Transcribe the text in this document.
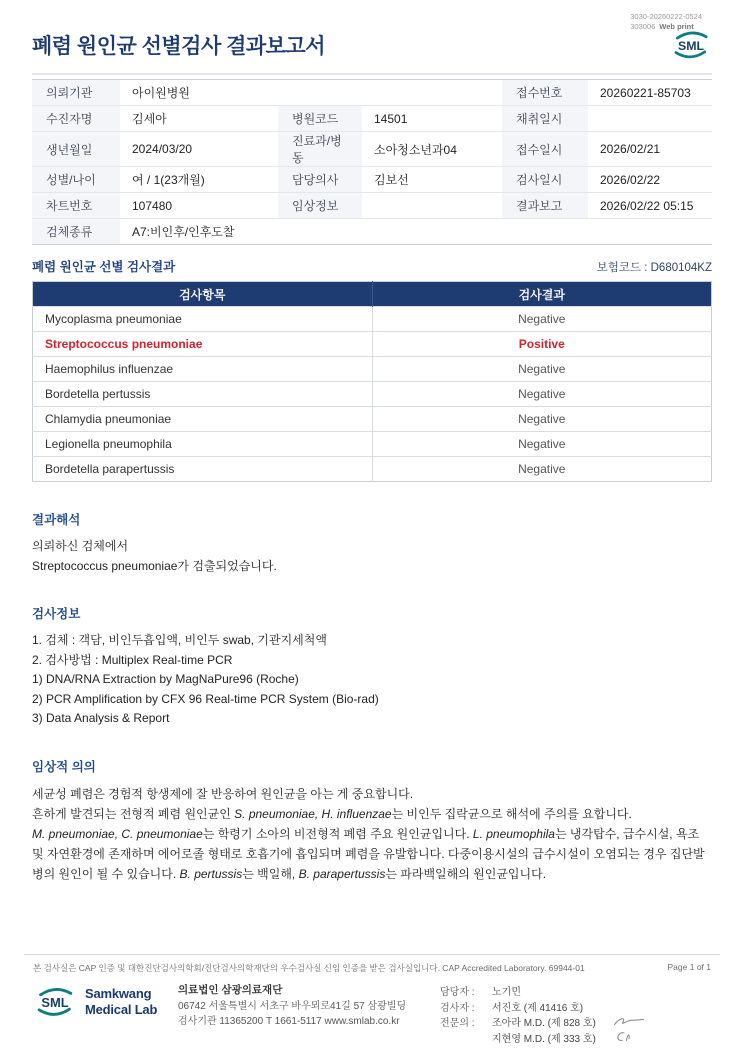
3030-20260222-0524
303006 Web print
SML
폐렴 원인균 선별검사 결과보고서
의뢰기관	아이원병원			접수번호	20260221-85703
수진자명	김세아	병원코드	14501	채취일시	
생년월일	2024/03/20	진료과/병동	소아청소년과04	접수일시	2026/02/21
성별/나이	여 / 1(23개월)	담당의사	김보선	검사일시	2026/02/22
차트번호	107480	임상정보		결과보고	2026/02/22 05:15
검체종류	A7:비인후/인후도찰				
폐렴 원인균 선별 검사결과	보험코드 : D680104KZ
검사항목	검사결과
Mycoplasma pneumoniae	Negative
Streptococcus pneumoniae	Positive
Haemophilus influenzae	Negative
Bordetella pertussis	Negative
Chlamydia pneumoniae	Negative
Legionella pneumophila	Negative
Bordetella parapertussis	Negative
결과해석

의뢰하신 검체에서

Streptococcus pneumoniae가 검출되었습니다.

검사정보

1. 검체 : 객담, 비인두흡입액, 비인두 swab, 기관지세척액

2. 검사방법 : Multiplex Real-time PCR

1) DNA/RNA Extraction by MagNaPure96 (Roche)

2) PCR Amplification by CFX 96 Real-time PCR System (Bio-rad)

3) Data Analysis & Report

임상적 의의

세균성 폐렴은 경험적 항생제에 잘 반응하여 원인균을 아는 게 중요합니다.

흔하게 발견되는 전형적 폐렴 원인균인 S. pneumoniae, H. influenzae는 비인두 집락균으로 해석에 주의를 요합니다.

M. pneumoniae, C. pneumoniae는 학령기 소아의 비전형적 폐렴 주요 원인균입니다. L. pneumophila는 냉각탑수, 급수시설, 욕조 및 자연환경에 존재하며 에어로졸 형태로 호흡기에 흡입되며 폐렴을 유발합니다. 다중이용시설의 급수시설이 오염되는 경우 집단발병의 원인이 될 수 있습니다. B. pertussis는 백일해, B. parapertussis는 파라백일해의 원인균입니다.

본 검사실은 CAP 인증 및 대한진단검사의학회/진단검사의학재단의 우수검사실 신임 인증을 받은 검사실입니다. CAP Accredited Laboratory. 69944-01	Page 1 of 1
SML
Samkwang
Medical Lab
의료법인 삼광의료재단
06742 서울특별시 서초구 바우뫼로41길 57 삼광빌딩
검사기관 11365200 T 1661-5117 www.smlab.co.kr
담당자 :	노기민
검사자 :	서진호 (제 41416 호)
전문의 :	조아라 M.D. (제 828 호)
지현영 M.D. (제 333 호)
